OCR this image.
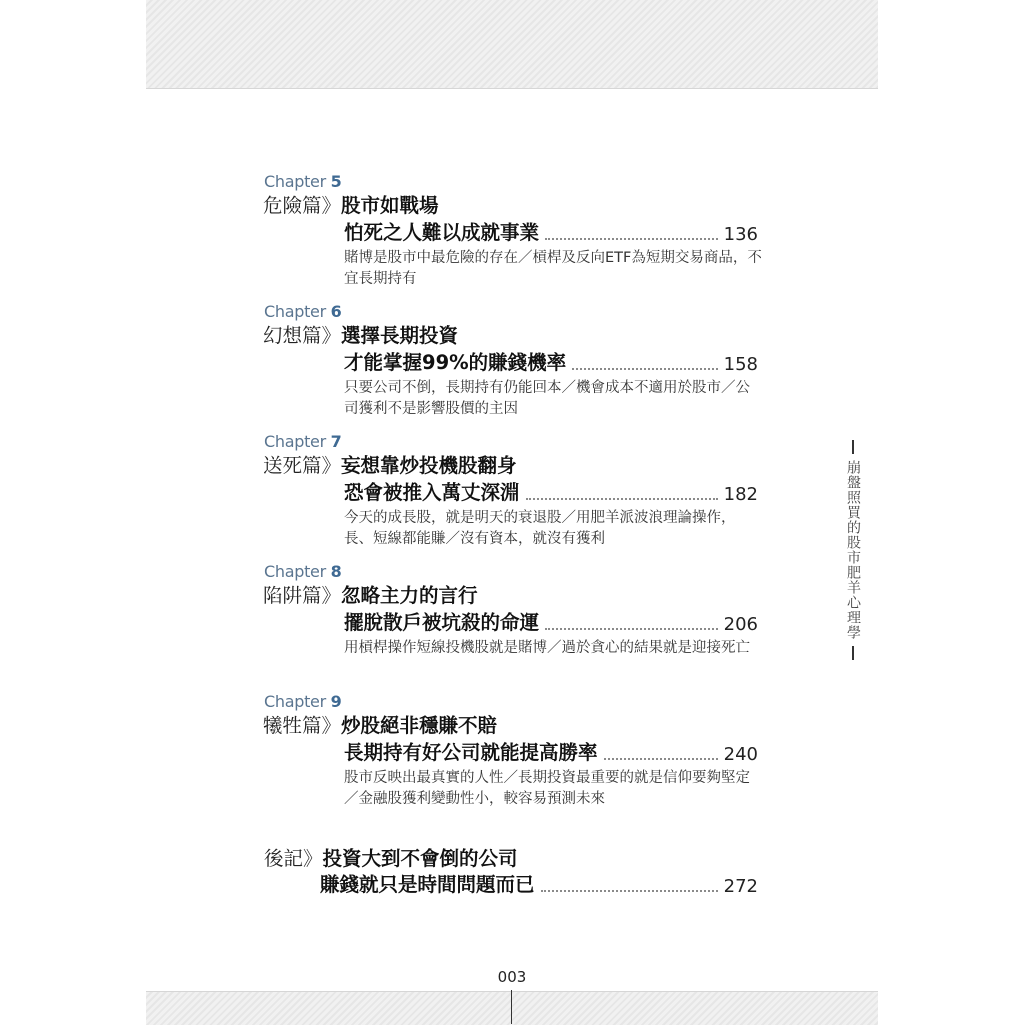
Chapter 5
危險篇》股市如戰場
怕死之人難以成就事業	136
賭博是股市中最危險的存在／槓桿及反向ETF為短期交易商品，不宜長期持有
Chapter 6
幻想篇》選擇長期投資
才能掌握99%的賺錢機率	158
只要公司不倒，長期持有仍能回本／機會成本不適用於股市／公司獲利不是影響股價的主因
Chapter 7
送死篇》妄想靠炒投機股翻身
恐會被推入萬丈深淵	182
今天的成長股，就是明天的衰退股／用肥羊派波浪理論操作，長、短線都能賺／沒有資本，就沒有獲利
Chapter 8
陷阱篇》忽略主力的言行
擺脫散戶被坑殺的命運	206
用槓桿操作短線投機股就是賭博／過於貪心的結果就是迎接死亡
Chapter 9
犧牲篇》炒股絕非穩賺不賠
長期持有好公司就能提高勝率	240
股市反映出最真實的人性／長期投資最重要的就是信仰要夠堅定／金融股獲利變動性小，較容易預測未來
後記》投資大到不會倒的公司
賺錢就只是時間問題而已	272
崩盤照買的股市肥羊心理學
003
